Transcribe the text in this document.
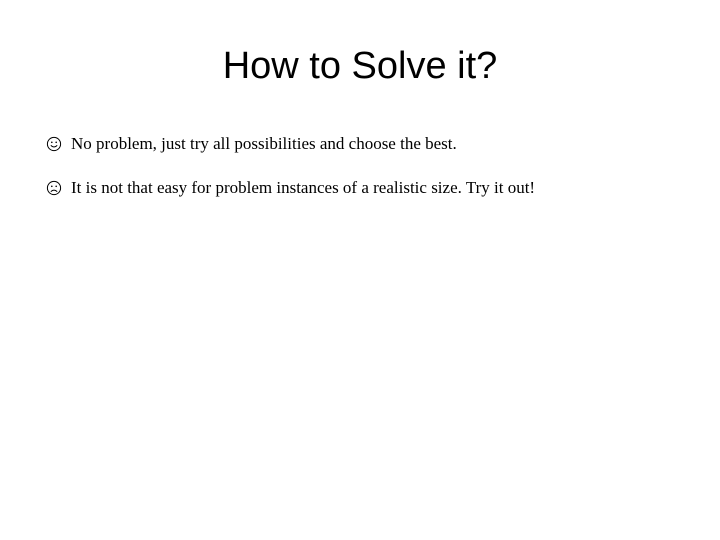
How to Solve it?
No problem, just try all possibilities and choose the best.
It is not that easy for problem instances of a realistic size. Try it out!
